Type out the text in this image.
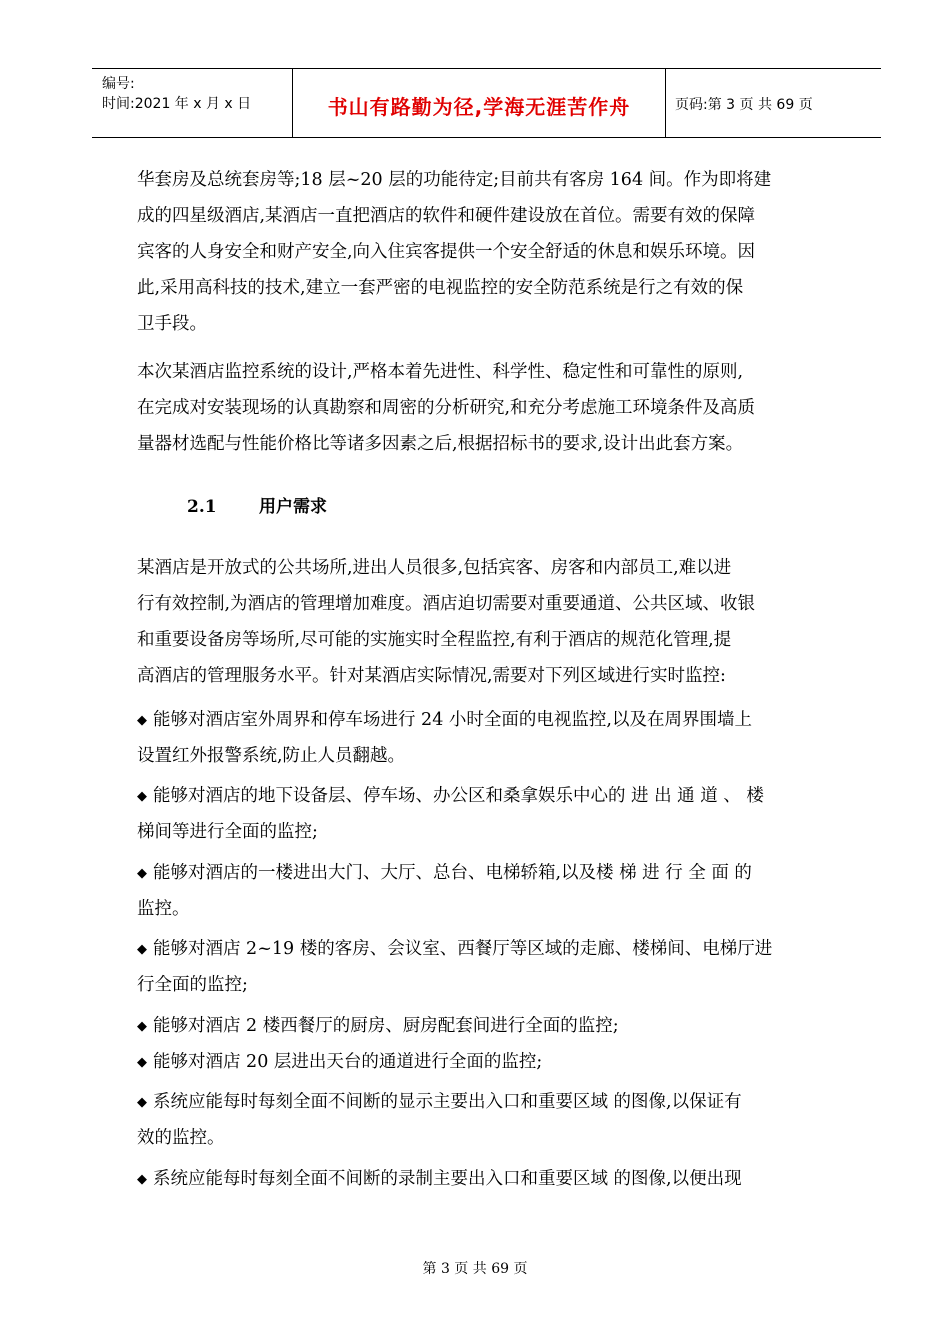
编号:
时间:2021 年 x 月 x 日	书山有路勤为径,学海无涯苦作舟	页码:第 3 页 共 69 页
华套房及总统套房等;18 层~20 层的功能待定;目前共有客房 164 间。作为即将建
成的四星级酒店,某酒店一直把酒店的软件和硬件建设放在首位。需要有效的保障
宾客的人身安全和财产安全,向入住宾客提供一个安全舒适的休息和娱乐环境。因
此,采用高科技的技术,建立一套严密的电视监控的安全防范系统是行之有效的保
卫手段。
本次某酒店监控系统的设计,严格本着先进性、科学性、稳定性和可靠性的原则,
在完成对安装现场的认真勘察和周密的分析研究,和充分考虑施工环境条件及高质
量器材选配与性能价格比等诸多因素之后,根据招标书的要求,设计出此套方案。
2.1 用户需求
某酒店是开放式的公共场所,进出人员很多,包括宾客、房客和内部员工,难以进
行有效控制,为酒店的管理增加难度。酒店迫切需要对重要通道、公共区域、收银
和重要设备房等场所,尽可能的实施实时全程监控,有利于酒店的规范化管理,提
高酒店的管理服务水平。针对某酒店实际情况,需要对下列区域进行实时监控:
◆ 能够对酒店室外周界和停车场进行 24 小时全面的电视监控,以及在周界围墙上
设置红外报警系统,防止人员翻越。
◆ 能够对酒店的地下设备层、停车场、办公区和桑拿娱乐中心的 进 出 通 道 、 楼
梯间等进行全面的监控;
◆ 能够对酒店的一楼进出大门、大厅、总台、电梯轿箱,以及楼 梯 进 行 全 面 的
监控。
◆ 能够对酒店 2~19 楼的客房、会议室、西餐厅等区域的走廊、楼梯间、电梯厅进
行全面的监控;
◆ 能够对酒店 2 楼西餐厅的厨房、厨房配套间进行全面的监控;
◆ 能够对酒店 20 层进出天台的通道进行全面的监控;
◆ 系统应能每时每刻全面不间断的显示主要出入口和重要区域 的图像,以保证有
效的监控。
◆ 系统应能每时每刻全面不间断的录制主要出入口和重要区域 的图像,以便出现
第 3 页 共 69 页
